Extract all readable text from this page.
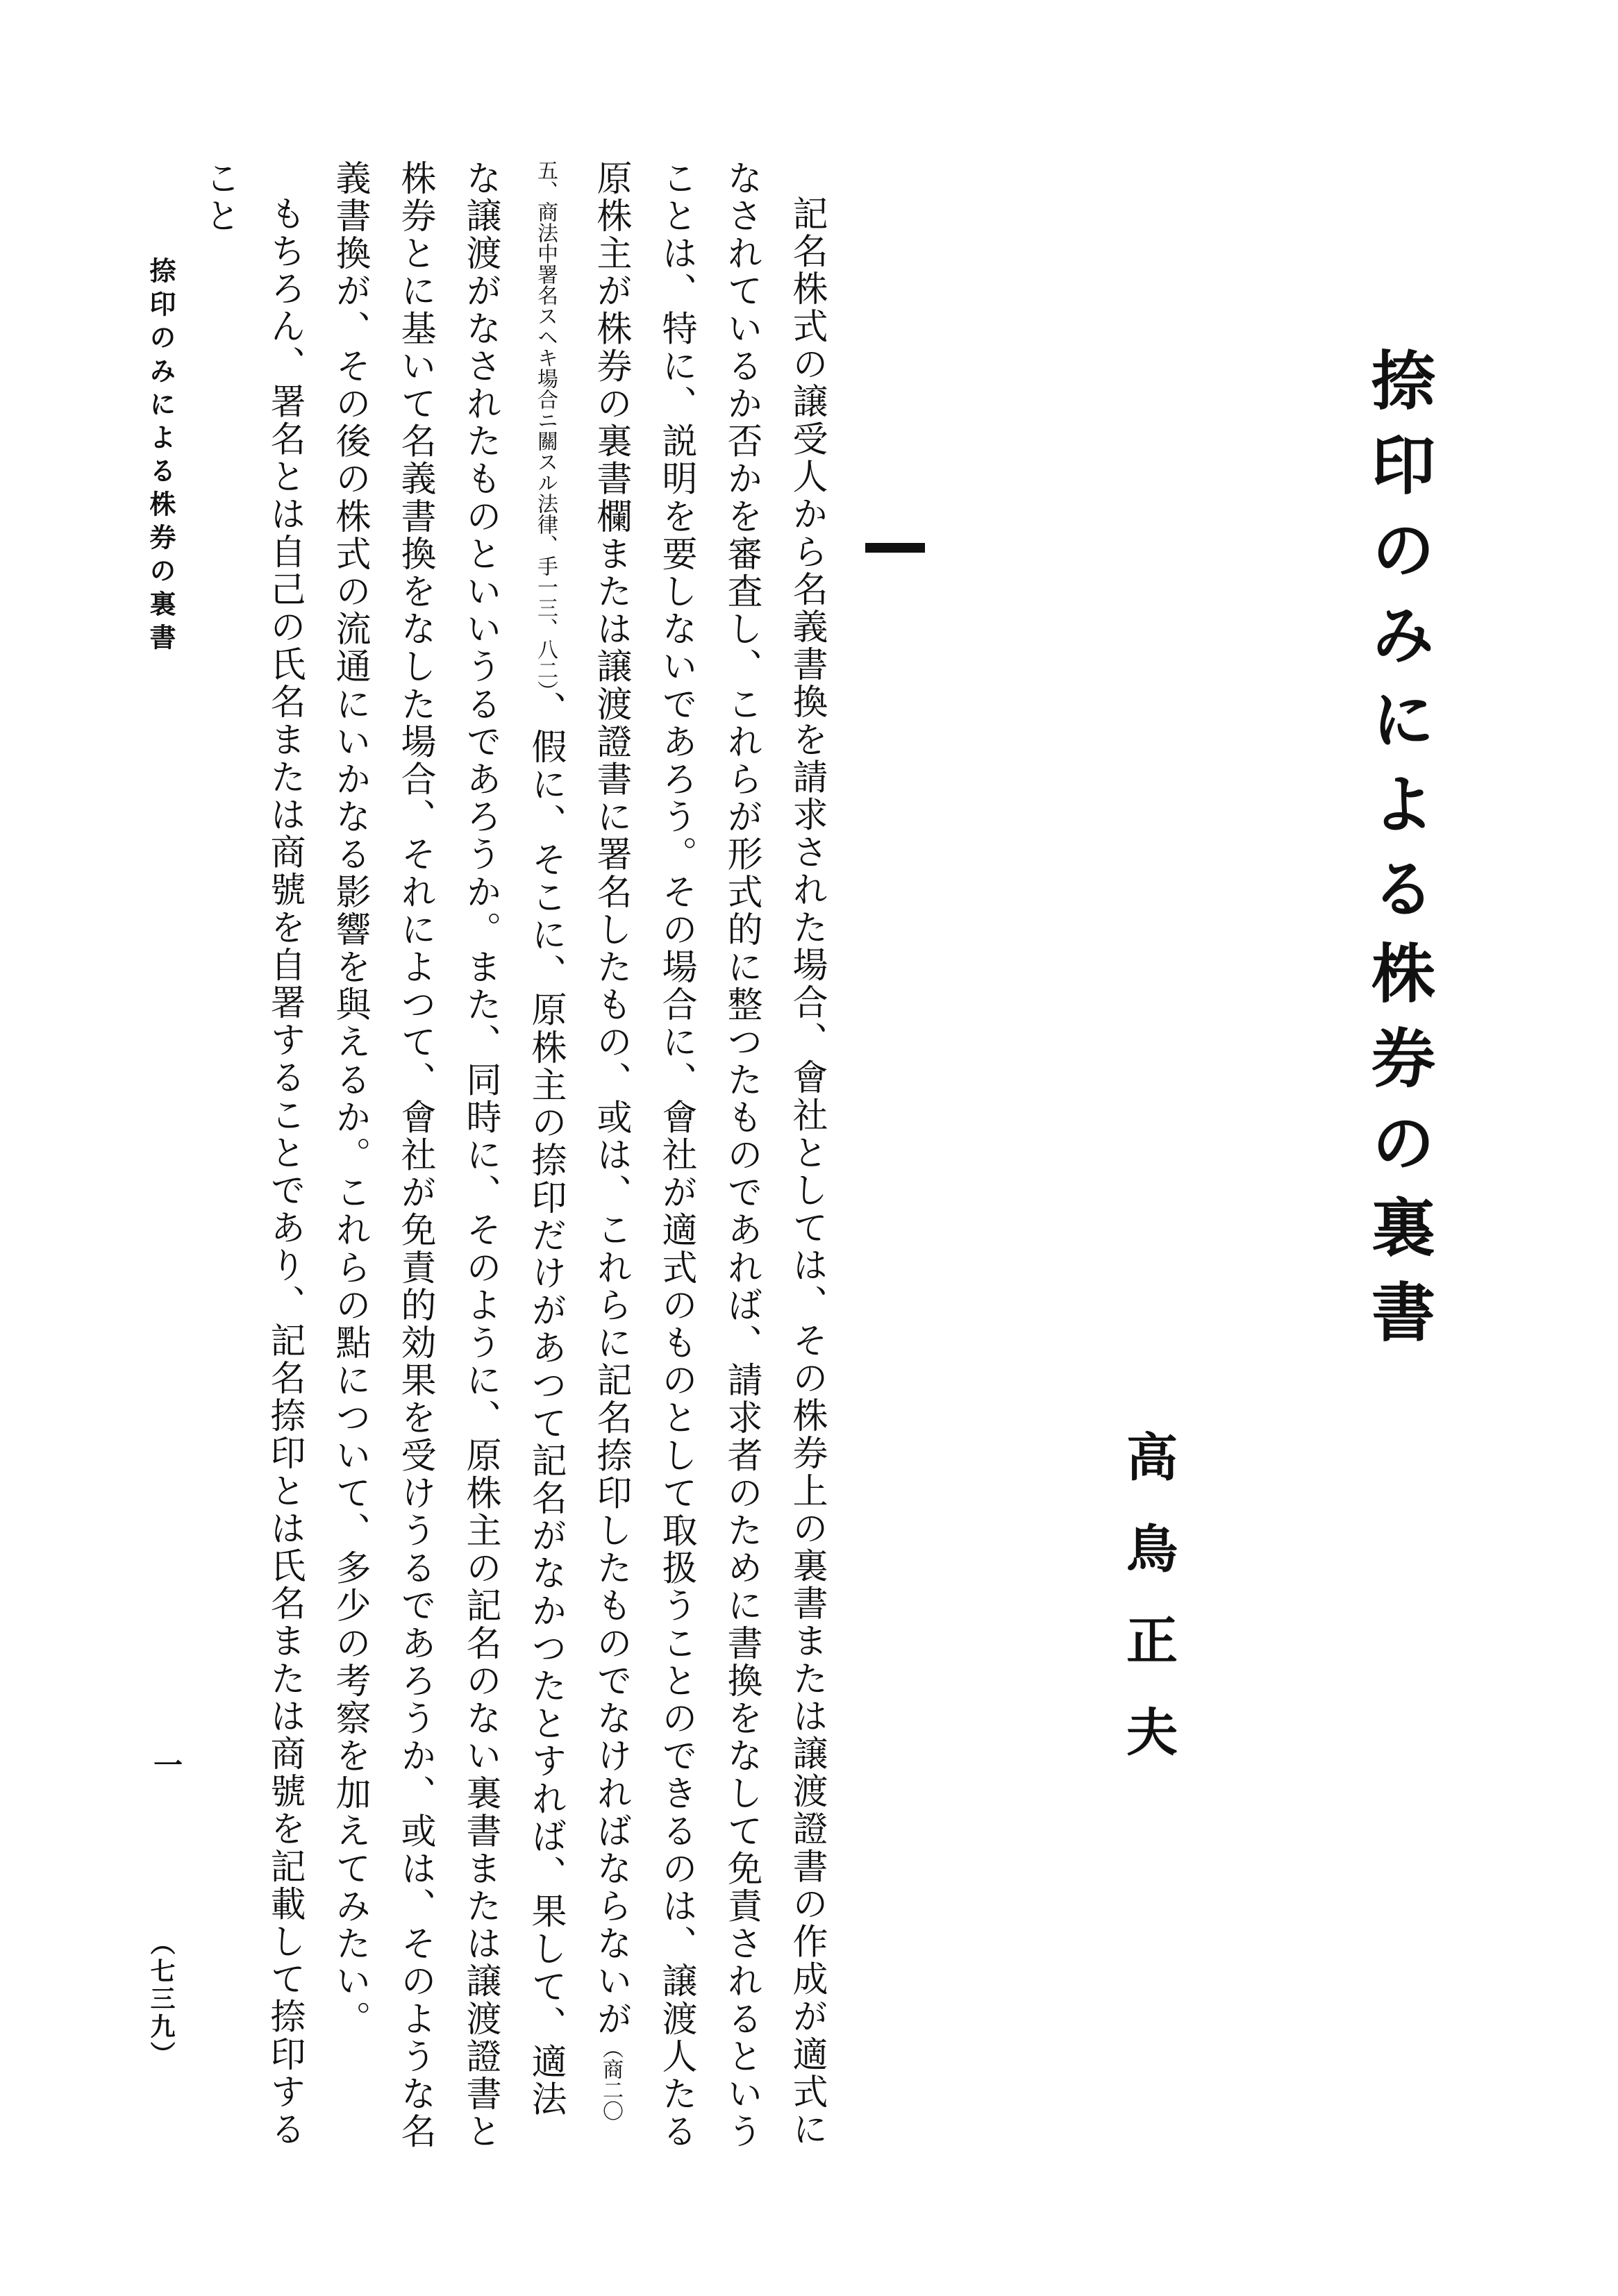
捺印のみによる株券の裏書
高鳥正夫

記名株式の譲受人から名義書換を請求された場合、會社としては、その株券上の裏書または譲渡證書の作成が適式になされているか否かを審査し、これらが形式的に整つたものであれば、請求者のために書換をなして免責されるということは、特に、説明を要しないであろう。その場合に、會社が適式のものとして取扱うことのできるのは、譲渡人たる原株主が株券の裏書欄または譲渡證書に署名したもの、或は、これらに記名捺印したものでなければならないが（商二〇五、商法中署名スヘキ場合ニ關スル法律、手一三、八二）、假に、そこに、原株主の捺印だけがあつて記名がなかつたとすれば、果して、適法な譲渡がなされたものといいうるであろうか。また、同時に、そのように、原株主の記名のない裏書または譲渡證書と株券とに基いて名義書換をなした場合、それによつて、會社が免責的効果を受けうるであろうか、或は、そのような名義書換が、その後の株式の流通にいかなる影響を與えるか。これらの點について、多少の考察を加えてみたい。

もちろん、署名とは自己の氏名または商號を自署することであり、記名捺印とは氏名または商號を記載して捺印すること

捺印のみによる株券の裏書
一
（七三九）
